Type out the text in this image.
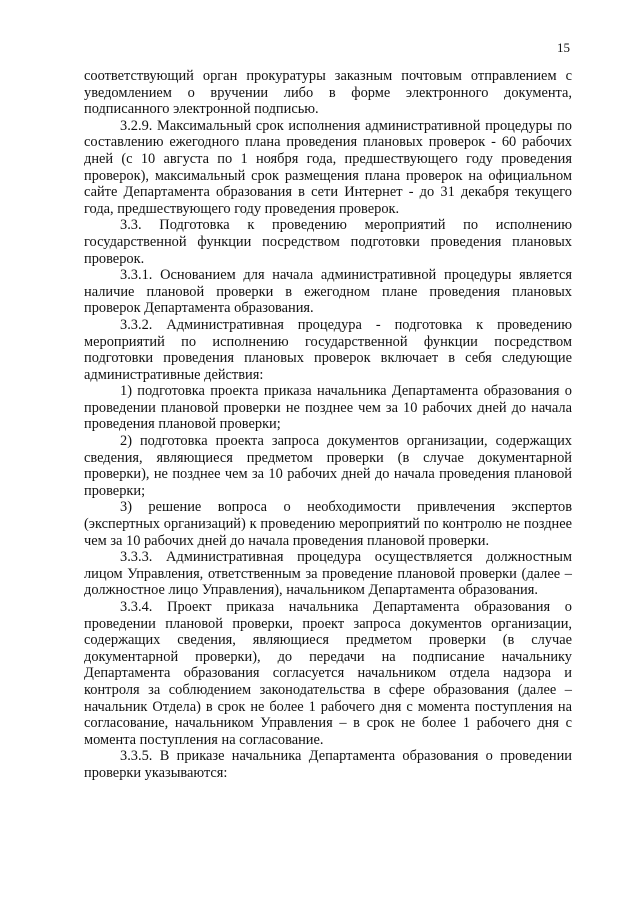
15

соответствующий орган прокуратуры заказным почтовым отправлением с уведомлением о вручении либо в форме электронного документа, подписанного электронной подписью.

3.2.9. Максимальный срок исполнения административной процедуры по составлению ежегодного плана проведения плановых проверок - 60 рабочих дней (с 10 августа по 1 ноября года, предшествующего году проведения проверок), максимальный срок размещения плана проверок на официальном сайте Департамента образования в сети Интернет - до 31 декабря текущего года, предшествующего году проведения проверок.

3.3. Подготовка к проведению мероприятий по исполнению государственной функции посредством подготовки проведения плановых проверок.

3.3.1. Основанием для начала административной процедуры является наличие плановой проверки в ежегодном плане проведения плановых проверок Департамента образования.

3.3.2. Административная процедура - подготовка к проведению мероприятий по исполнению государственной функции посредством подготовки проведения плановых проверок включает в себя следующие административные действия:

1) подготовка проекта приказа начальника Департамента образования о проведении плановой проверки не позднее чем за 10 рабочих дней до начала проведения плановой проверки;

2) подготовка проекта запроса документов организации, содержащих сведения, являющиеся предметом проверки (в случае документарной проверки), не позднее чем за 10 рабочих дней до начала проведения плановой проверки;

3) решение вопроса о необходимости привлечения экспертов (экспертных организаций) к проведению мероприятий по контролю не позднее чем за 10 рабочих дней до начала проведения плановой проверки.

3.3.3. Административная процедура осуществляется должностным лицом Управления, ответственным за проведение плановой проверки (далее – должностное лицо Управления), начальником Департамента образования.

3.3.4. Проект приказа начальника Департамента образования о проведении плановой проверки, проект запроса документов организации, содержащих сведения, являющиеся предметом проверки (в случае документарной проверки), до передачи на подписание начальнику Департамента образования согласуется начальником отдела надзора и контроля за соблюдением законодательства в сфере образования (далее – начальник Отдела) в срок не более 1 рабочего дня с момента поступления на согласование, начальником Управления – в срок не более 1 рабочего дня с момента поступления на согласование.

3.3.5. В приказе начальника Департамента образования о проведении проверки указываются:
